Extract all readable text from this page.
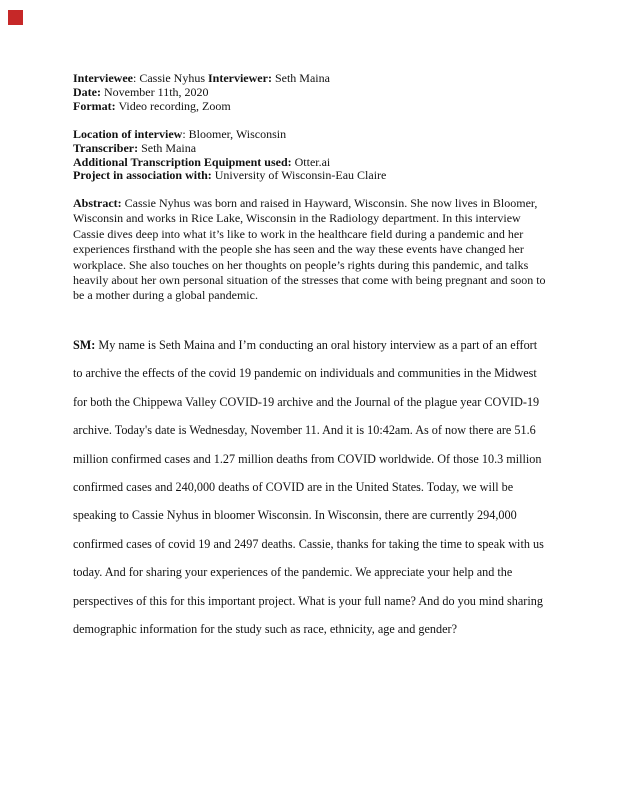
Interviewee: Cassie Nyhus Interviewer: Seth Maina
Date: November 11th, 2020
Format: Video recording, Zoom
Location of interview: Bloomer, Wisconsin
Transcriber: Seth Maina
Additional Transcription Equipment used: Otter.ai
Project in association with: University of Wisconsin-Eau Claire

Abstract: Cassie Nyhus was born and raised in Hayward, Wisconsin. She now lives in Bloomer, Wisconsin and works in Rice Lake, Wisconsin in the Radiology department. In this interview Cassie dives deep into what it’s like to work in the healthcare field during a pandemic and her experiences firsthand with the people she has seen and the way these events have changed her workplace. She also touches on her thoughts on people’s rights during this pandemic, and talks heavily about her own personal situation of the stresses that come with being pregnant and soon to be a mother during a global pandemic.

SM: My name is Seth Maina and I’m conducting an oral history interview as a part of an effort to archive the effects of the covid 19 pandemic on individuals and communities in the Midwest for both the Chippewa Valley COVID-19 archive and the Journal of the plague year COVID-19 archive. Today's date is Wednesday, November 11. And it is 10:42am. As of now there are 51.6 million confirmed cases and 1.27 million deaths from COVID worldwide. Of those 10.3 million confirmed cases and 240,000 deaths of COVID are in the United States. Today, we will be speaking to Cassie Nyhus in bloomer Wisconsin. In Wisconsin, there are currently 294,000 confirmed cases of covid 19 and 2497 deaths. Cassie, thanks for taking the time to speak with us today. And for sharing your experiences of the pandemic. We appreciate your help and the perspectives of this for this important project. What is your full name? And do you mind sharing demographic information for the study such as race, ethnicity, age and gender?
